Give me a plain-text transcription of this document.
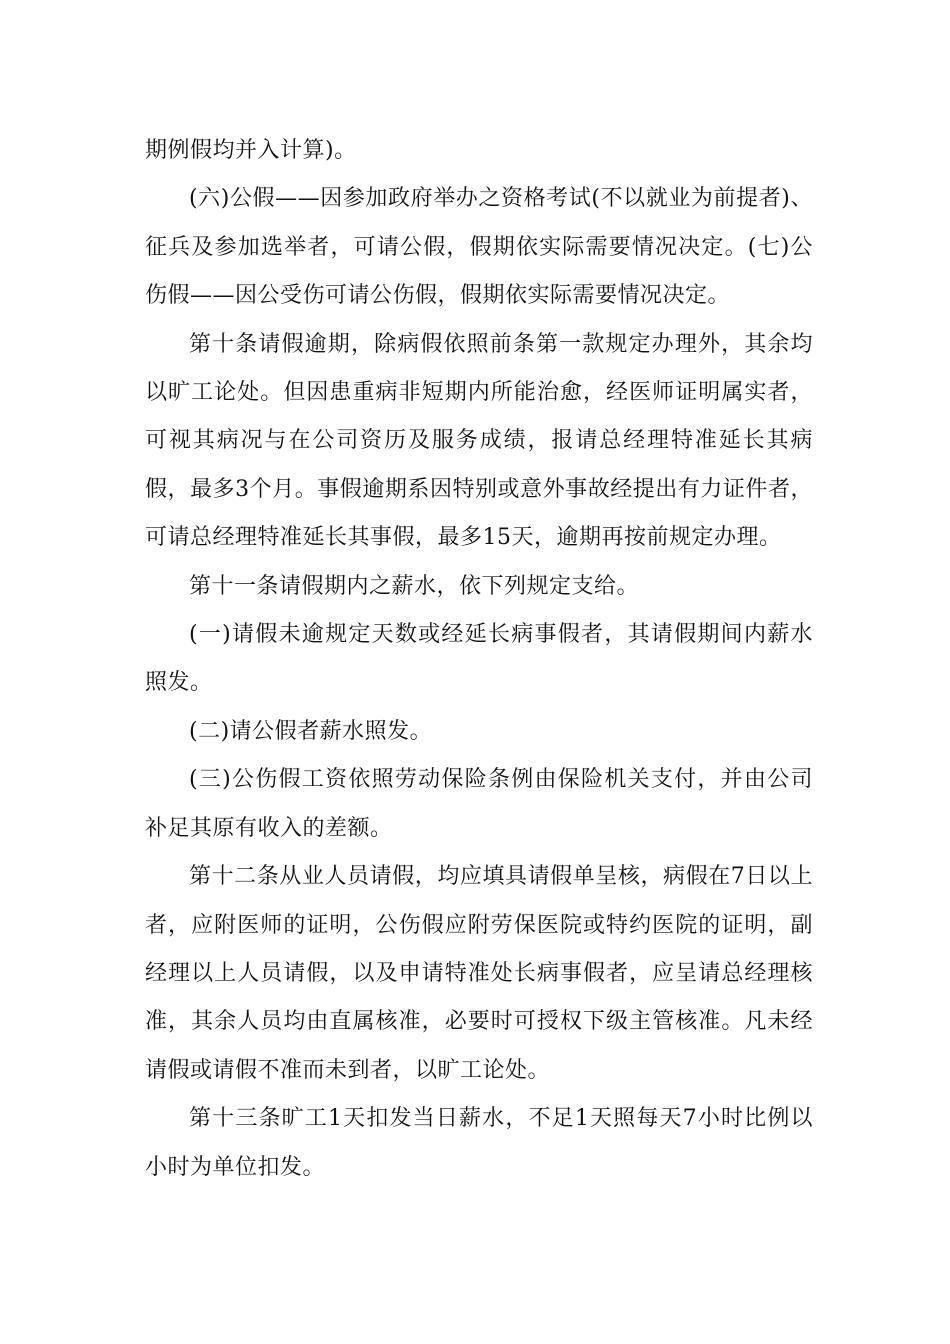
期例假均并入计算)。

(六)公假——因参加政府举办之资格考试(不以就业为前提者)、征兵及参加选举者，可请公假，假期依实际需要情况决定。(七)公伤假——因公受伤可请公伤假，假期依实际需要情况决定。

第十条请假逾期，除病假依照前条第一款规定办理外，其余均以旷工论处。但因患重病非短期内所能治愈，经医师证明属实者，可视其病况与在公司资历及服务成绩，报请总经理特准延长其病假，最多3个月。事假逾期系因特别或意外事故经提出有力证件者，可请总经理特准延长其事假，最多15天，逾期再按前规定办理。

第十一条请假期内之薪水，依下列规定支给。

(一)请假未逾规定天数或经延长病事假者，其请假期间内薪水照发。

(二)请公假者薪水照发。

(三)公伤假工资依照劳动保险条例由保险机关支付，并由公司补足其原有收入的差额。

第十二条从业人员请假，均应填具请假单呈核，病假在7日以上者，应附医师的证明，公伤假应附劳保医院或特约医院的证明，副经理以上人员请假，以及申请特准处长病事假者，应呈请总经理核准，其余人员均由直属核准，必要时可授权下级主管核准。凡未经请假或请假不准而未到者，以旷工论处。

第十三条旷工1天扣发当日薪水，不足1天照每天7小时比例以小时为单位扣发。
